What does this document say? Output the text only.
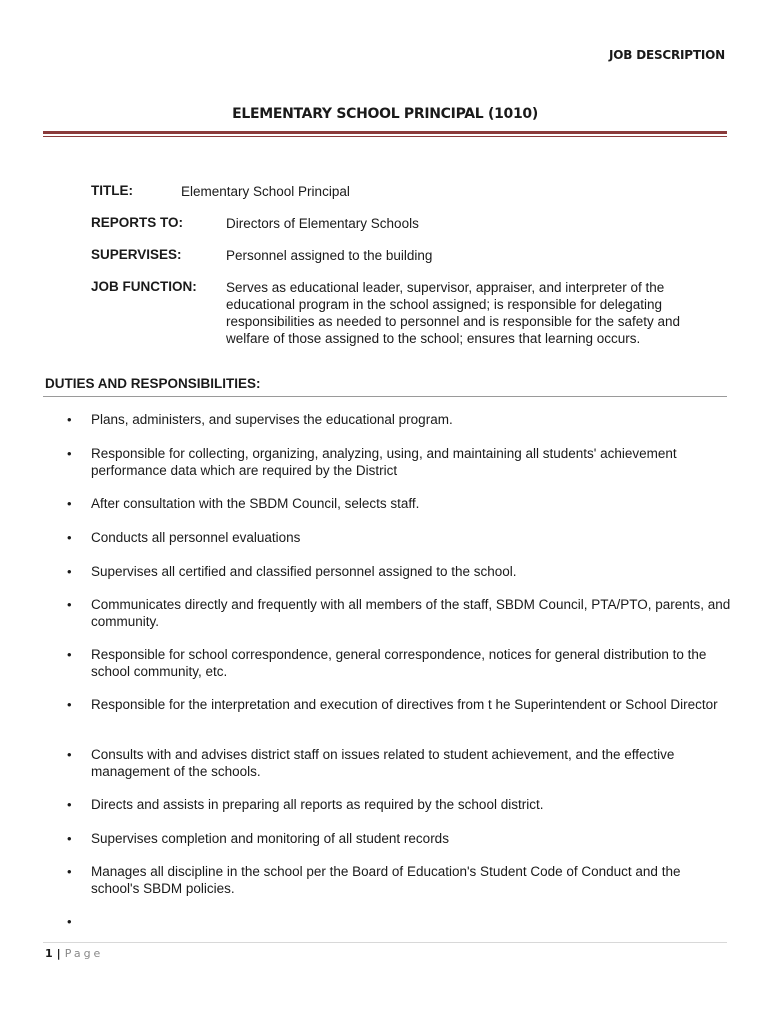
JOB DESCRIPTION
ELEMENTARY SCHOOL PRINCIPAL (1010)
TITLE:	Elementary School Principal
REPORTS TO:	Directors of Elementary Schools
SUPERVISES:	Personnel assigned to the building
JOB FUNCTION: Serves as educational leader, supervisor, appraiser, and interpreter of the educational program in the school assigned; is responsible for delegating responsibilities as needed to personnel and is responsible for the safety and welfare of those assigned to the school; ensures that learning occurs.
DUTIES AND RESPONSIBILITIES:
• Plans, administers, and supervises the educational program.
• Responsible for collecting, organizing, analyzing, using, and maintaining all students' achievement performance data which are required by the District
• After consultation with the SBDM Council, selects staff.
• Conducts all personnel evaluations
• Supervises all certified and classified personnel assigned to the school.
• Communicates directly and frequently with all members of the staff, SBDM Council, PTA/PTO, parents, and community.
• Responsible for school correspondence, general correspondence, notices for general distribution to the school community, etc.
• Responsible for the interpretation and execution of directives from t he Superintendent or School Director
• Consults with and advises district staff on issues related to student achievement, and the effective management of the schools.
• Directs and assists in preparing all reports as required by the school district.
• Supervises completion and monitoring of all student records
• Manages all discipline in the school per the Board of Education's Student Code of Conduct and the school's SBDM policies.
•
1 | Page
